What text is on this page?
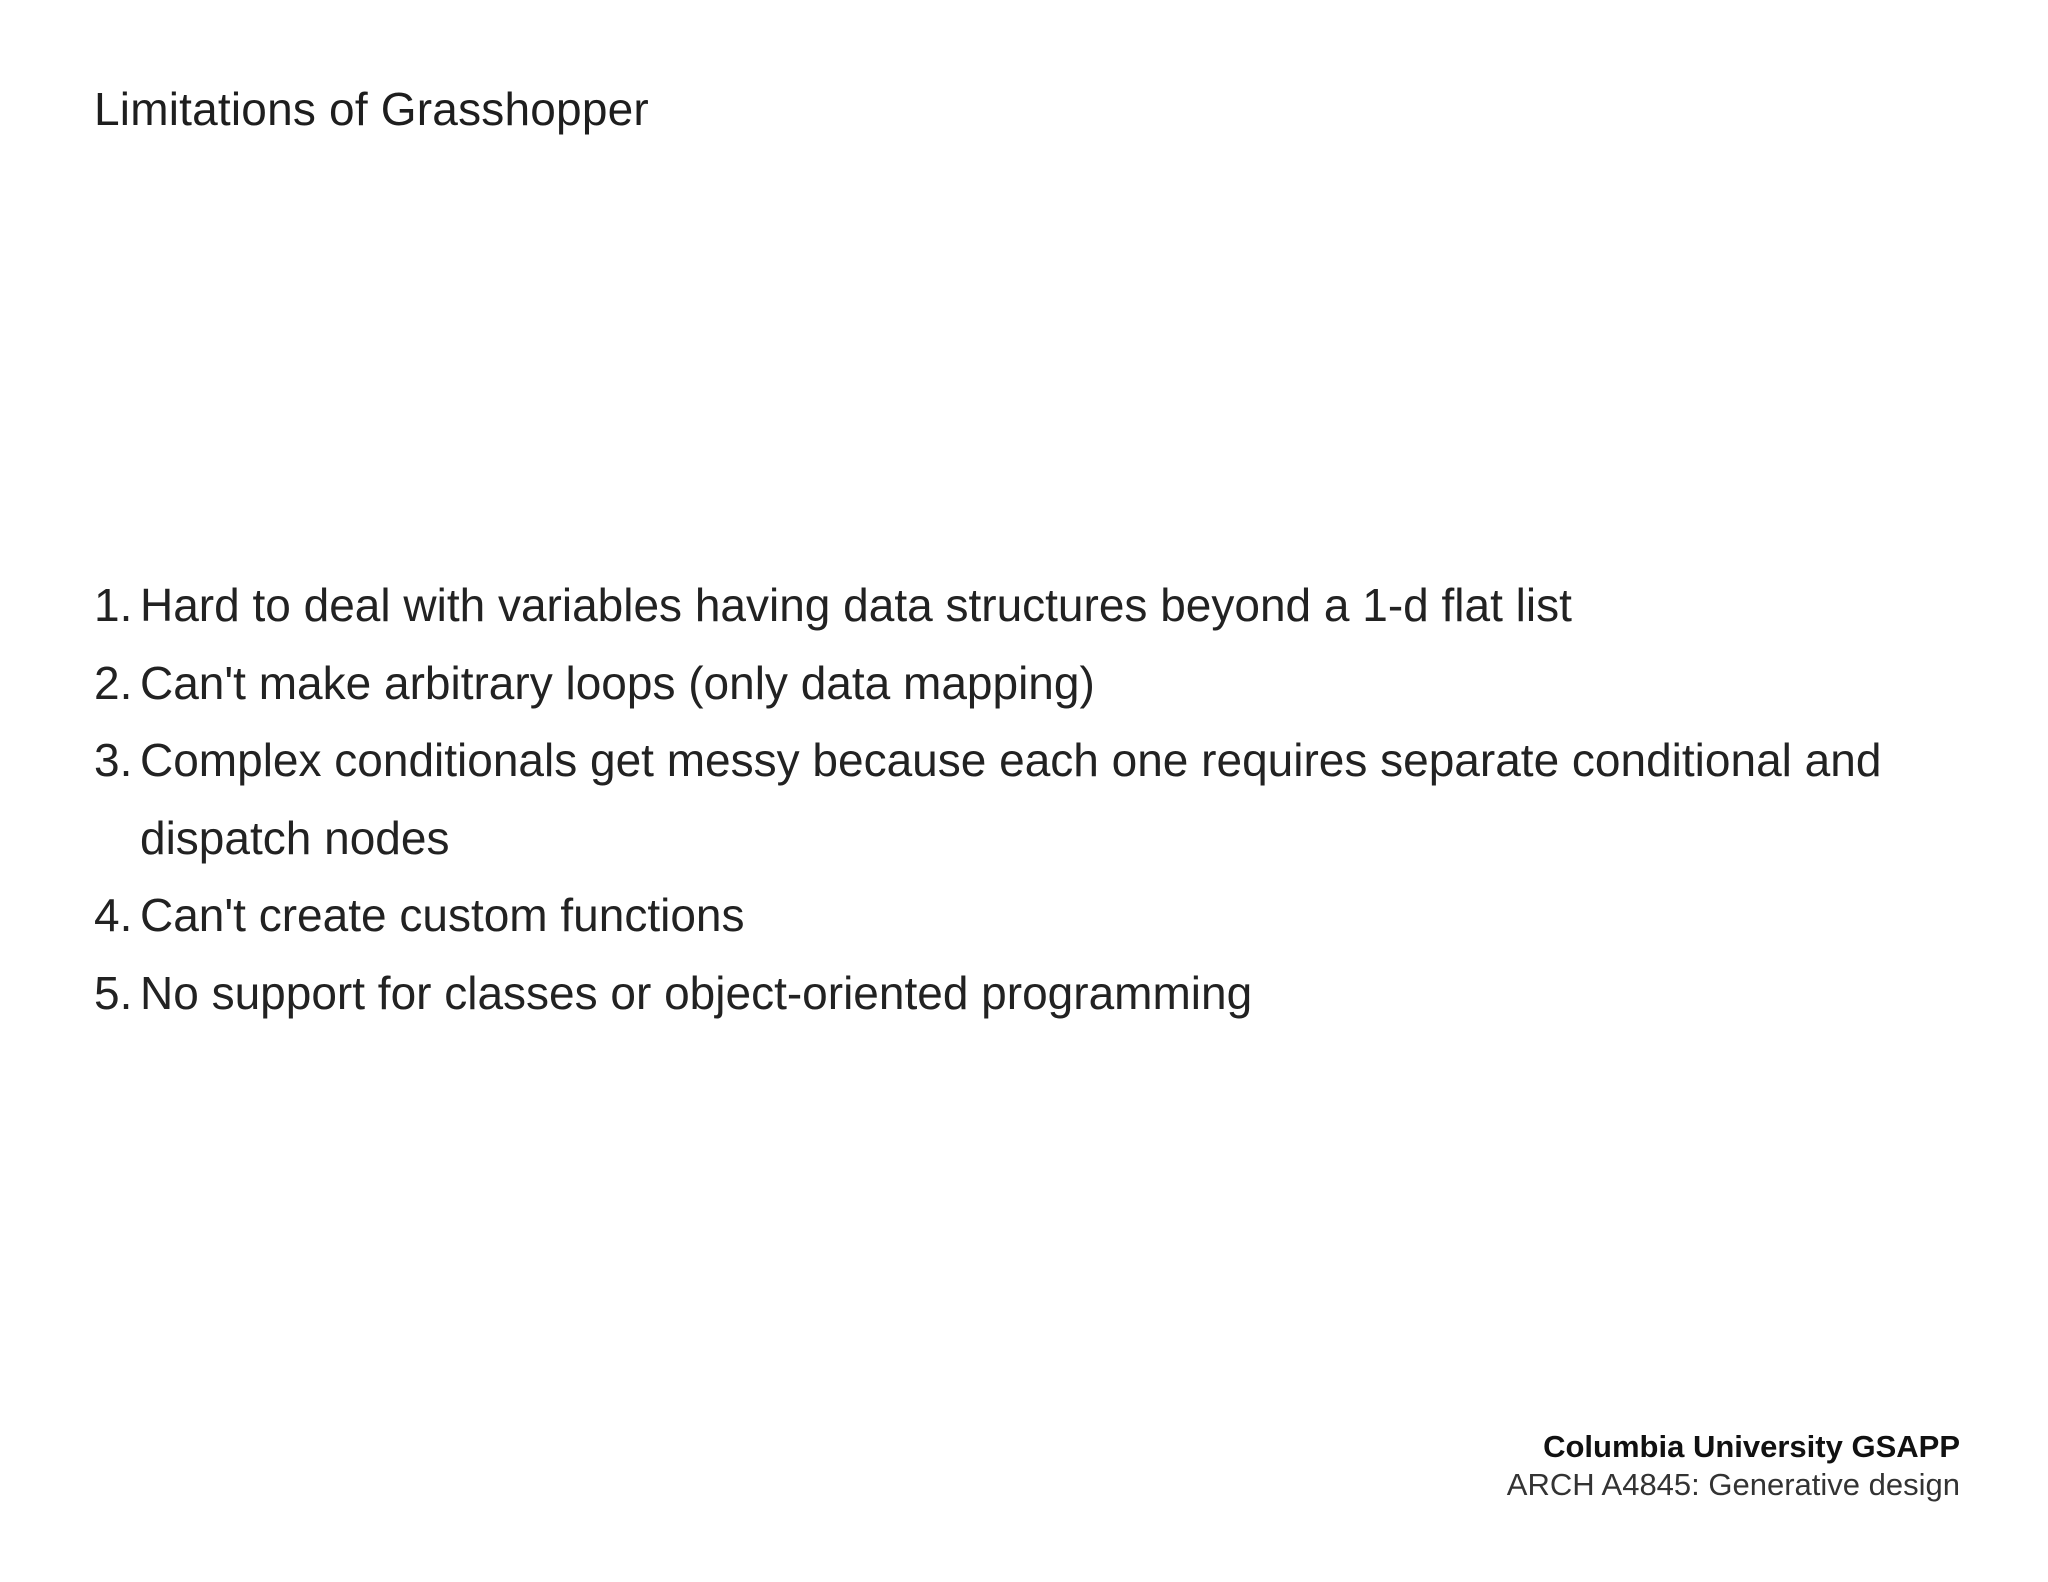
Limitations of Grasshopper
1. Hard to deal with variables having data structures beyond a 1-d flat list
2. Can't make arbitrary loops (only data mapping)
3. Complex conditionals get messy because each one requires separate conditional and dispatch nodes
4. Can't create custom functions
5. No support for classes or object-oriented programming
Columbia University GSAPP
ARCH A4845: Generative design
